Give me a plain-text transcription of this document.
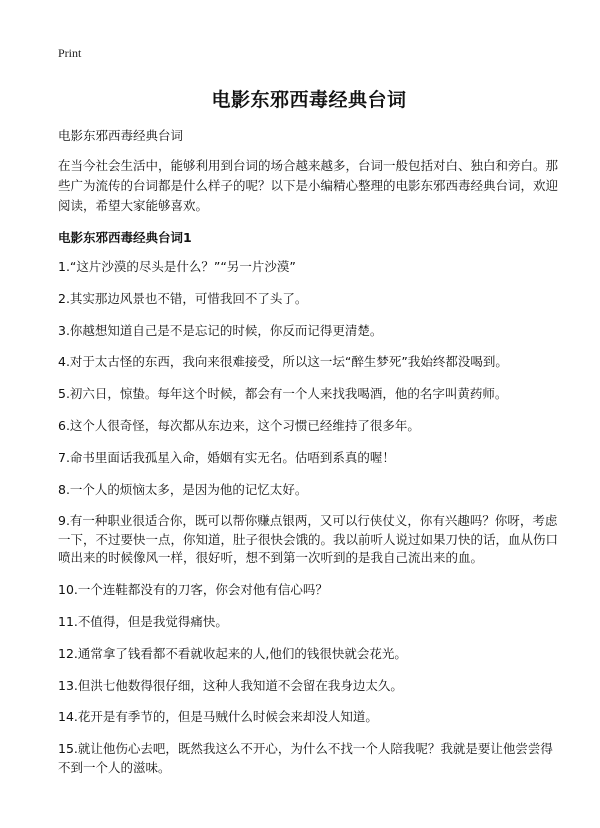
Print
电影东邪西毒经典台词

电影东邪西毒经典台词

在当今社会生活中，能够利用到台词的场合越来越多，台词一般包括对白、独白和旁白。那些广为流传的台词都是什么样子的呢？以下是小编精心整理的电影东邪西毒经典台词，欢迎阅读，希望大家能够喜欢。

电影东邪西毒经典台词1
1.“这片沙漠的尽头是什么？”“另一片沙漠”
2.其实那边风景也不错，可惜我回不了头了。
3.你越想知道自己是不是忘记的时候，你反而记得更清楚。
4.对于太古怪的东西，我向来很难接受，所以这一坛“醉生梦死”我始终都没喝到。
5.初六日，惊蛰。每年这个时候，都会有一个人来找我喝酒，他的名字叫黄药师。
6.这个人很奇怪，每次都从东边来，这个习惯已经维持了很多年。
7.命书里面话我孤星入命，婚姻有实无名。估唔到系真的喔！
8.一个人的烦恼太多，是因为他的记忆太好。
9.有一种职业很适合你，既可以帮你赚点银两，又可以行侠仗义，你有兴趣吗？你呀，考虑一下，不过要快一点，你知道，肚子很快会饿的。我以前听人说过如果刀快的话，血从伤口喷出来的时候像风一样，很好听，想不到第一次听到的是我自己流出来的血。
10.一个连鞋都没有的刀客，你会对他有信心吗？
11.不值得，但是我觉得痛快。
12.通常拿了钱看都不看就收起来的人,他们的钱很快就会花光。
13.但洪七他数得很仔细，这种人我知道不会留在我身边太久。
14.花开是有季节的，但是马贼什么时候会来却没人知道。
15.就让他伤心去吧，既然我这么不开心，为什么不找一个人陪我呢？我就是要让他尝尝得不到一个人的滋味。
